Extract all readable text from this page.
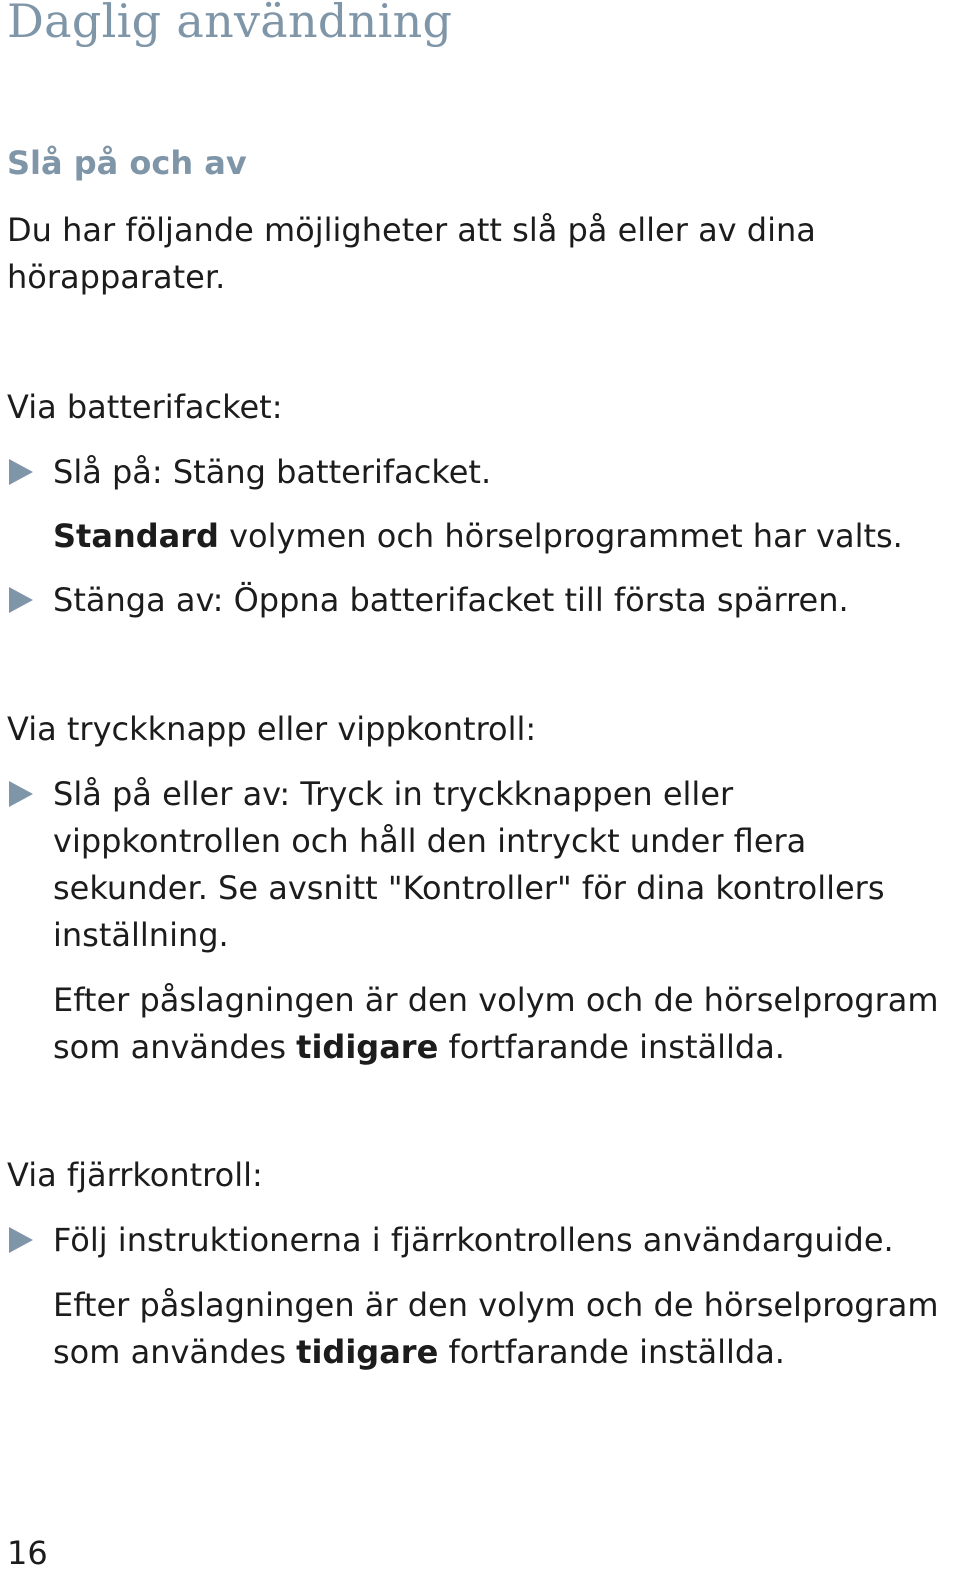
Daglig användning
Slå på och av

Du har följande möjligheter att slå på eller av dina
hörapparater.

Via batterifacket:

Slå på: Stäng batterifacket.

Standard volymen och hörselprogrammet har valts.

Stänga av: Öppna batterifacket till första spärren.

Via tryckknapp eller vippkontroll:

Slå på eller av: Tryck in tryckknappen eller
vippkontrollen och håll den intryckt under flera
sekunder. Se avsnitt "Kontroller" för dina kontrollers
inställning.

Efter påslagningen är den volym och de hörselprogram
som användes tidigare fortfarande inställda.

Via fjärrkontroll:

Följ instruktionerna i fjärrkontrollens användarguide.

Efter påslagningen är den volym och de hörselprogram
som användes tidigare fortfarande inställda.

16
